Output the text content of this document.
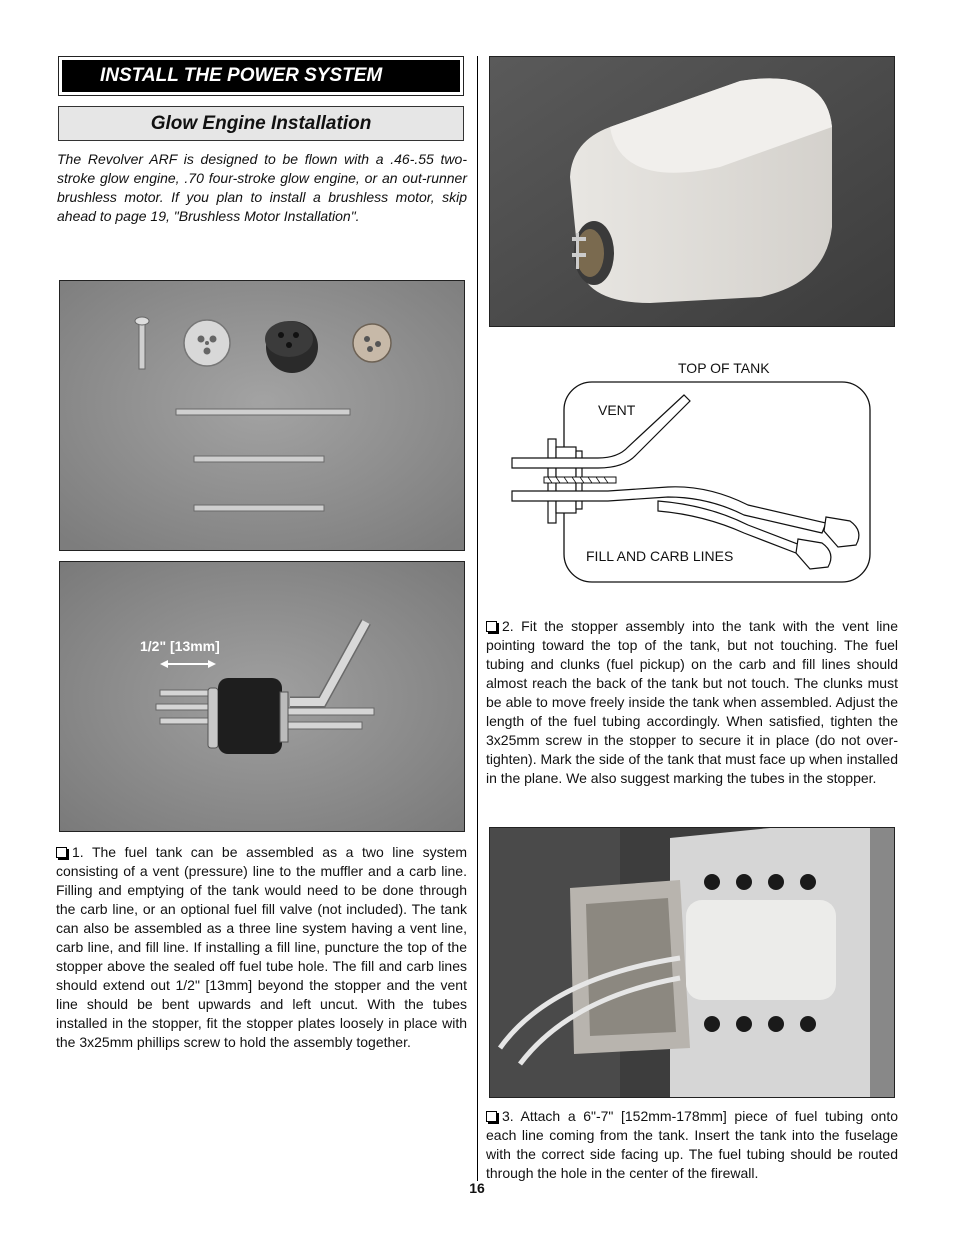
INSTALL THE POWER SYSTEM
Glow Engine Installation
The Revolver ARF is designed to be flown with a .46-.55 two-stroke glow engine, .70 four-stroke glow engine, or an out-runner brushless motor. If you plan to install a brushless motor, skip ahead to page 19, "Brushless Motor Installation".
1/2" [13mm]
1. The fuel tank can be assembled as a two line system consisting of a vent (pressure) line to the muffler and a carb line. Filling and emptying of the tank would need to be done through the carb line, or an optional fuel fill valve (not included). The tank can also be assembled as a three line system having a vent line, carb line, and fill line. If installing a fill line, puncture the top of the stopper above the sealed off fuel tube hole. The fill and carb lines should extend out 1/2" [13mm] beyond the stopper and the vent line should be bent upwards and left uncut. With the tubes installed in the stopper, fit the stopper plates loosely in place with the 3x25mm phillips screw to hold the assembly together.
TOP OF TANK
VENT
FILL AND CARB LINES
2. Fit the stopper assembly into the tank with the vent line pointing toward the top of the tank, but not touching. The fuel tubing and clunks (fuel pickup) on the carb and fill lines should almost reach the back of the tank but not touch. The clunks must be able to move freely inside the tank when assembled. Adjust the length of the fuel tubing accordingly. When satisfied, tighten the 3x25mm screw in the stopper to secure it in place (do not over-tighten). Mark the side of the tank that must face up when installed in the plane. We also suggest marking the tubes in the stopper.
3. Attach a 6"-7" [152mm-178mm] piece of fuel tubing onto each line coming from the tank. Insert the tank into the fuselage with the correct side facing up. The fuel tubing should be routed through the hole in the center of the firewall.
16
